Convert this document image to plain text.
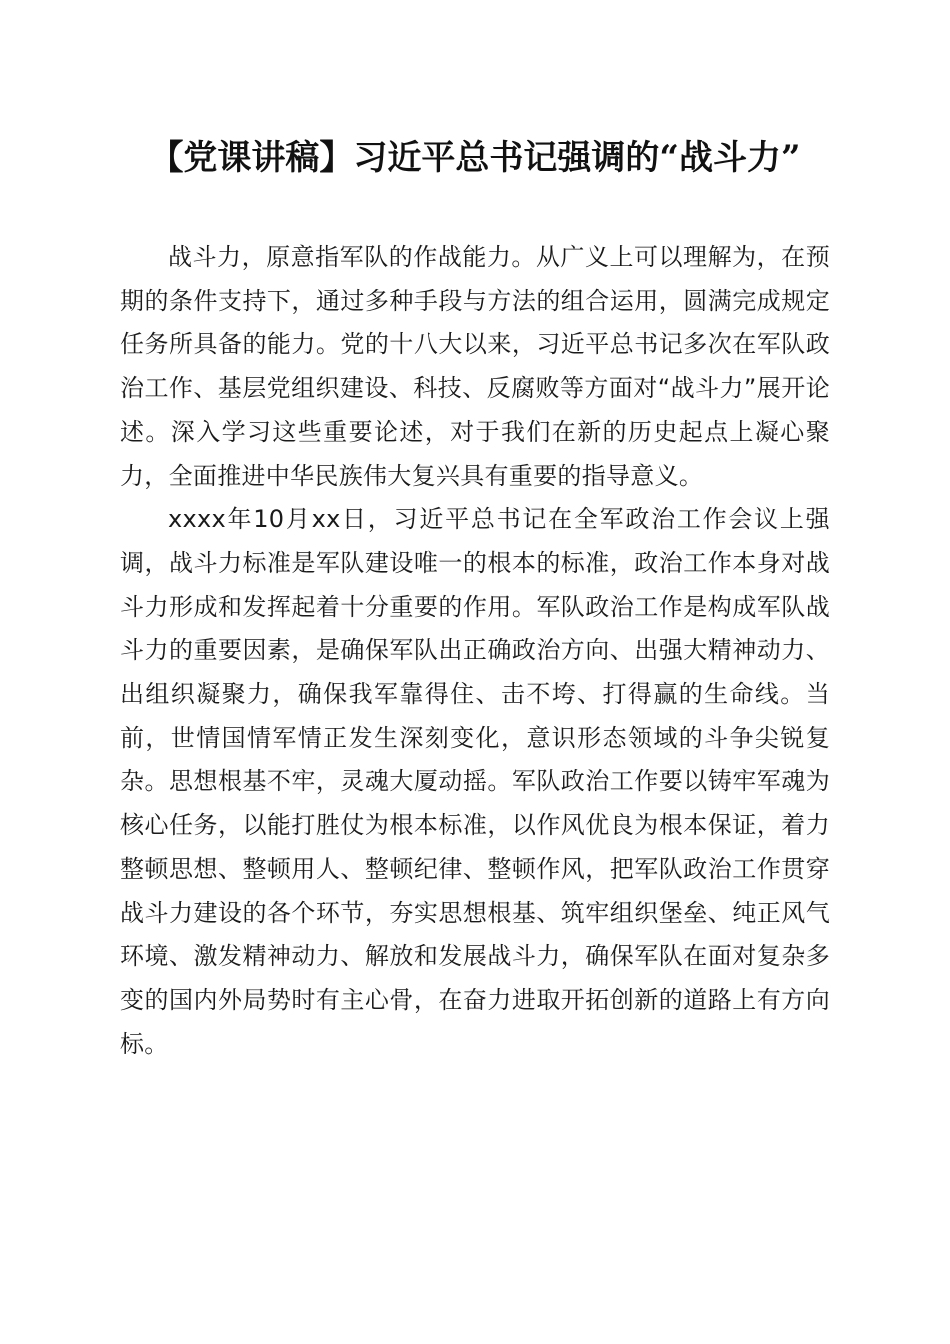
【党课讲稿】习近平总书记强调的“战斗力”

战斗力，原意指军队的作战能力。从广义上可以理解为，在预期的条件支持下，通过多种手段与方法的组合运用，圆满完成规定任务所具备的能力。党的十八大以来，习近平总书记多次在军队政治工作、基层党组织建设、科技、反腐败等方面对“战斗力”展开论述。深入学习这些重要论述，对于我们在新的历史起点上凝心聚力，全面推进中华民族伟大复兴具有重要的指导意义。

xxxx年10月xx日，习近平总书记在全军政治工作会议上强调，战斗力标准是军队建设唯一的根本的标准，政治工作本身对战斗力形成和发挥起着十分重要的作用。军队政治工作是构成军队战斗力的重要因素，是确保军队出正确政治方向、出强大精神动力、出组织凝聚力，确保我军靠得住、击不垮、打得赢的生命线。当前，世情国情军情正发生深刻变化，意识形态领域的斗争尖锐复杂。思想根基不牢，灵魂大厦动摇。军队政治工作要以铸牢军魂为核心任务，以能打胜仗为根本标准，以作风优良为根本保证，着力整顿思想、整顿用人、整顿纪律、整顿作风，把军队政治工作贯穿战斗力建设的各个环节，夯实思想根基、筑牢组织堡垒、纯正风气环境、激发精神动力、解放和发展战斗力，确保军队在面对复杂多变的国内外局势时有主心骨，在奋力进取开拓创新的道路上有方向标。
